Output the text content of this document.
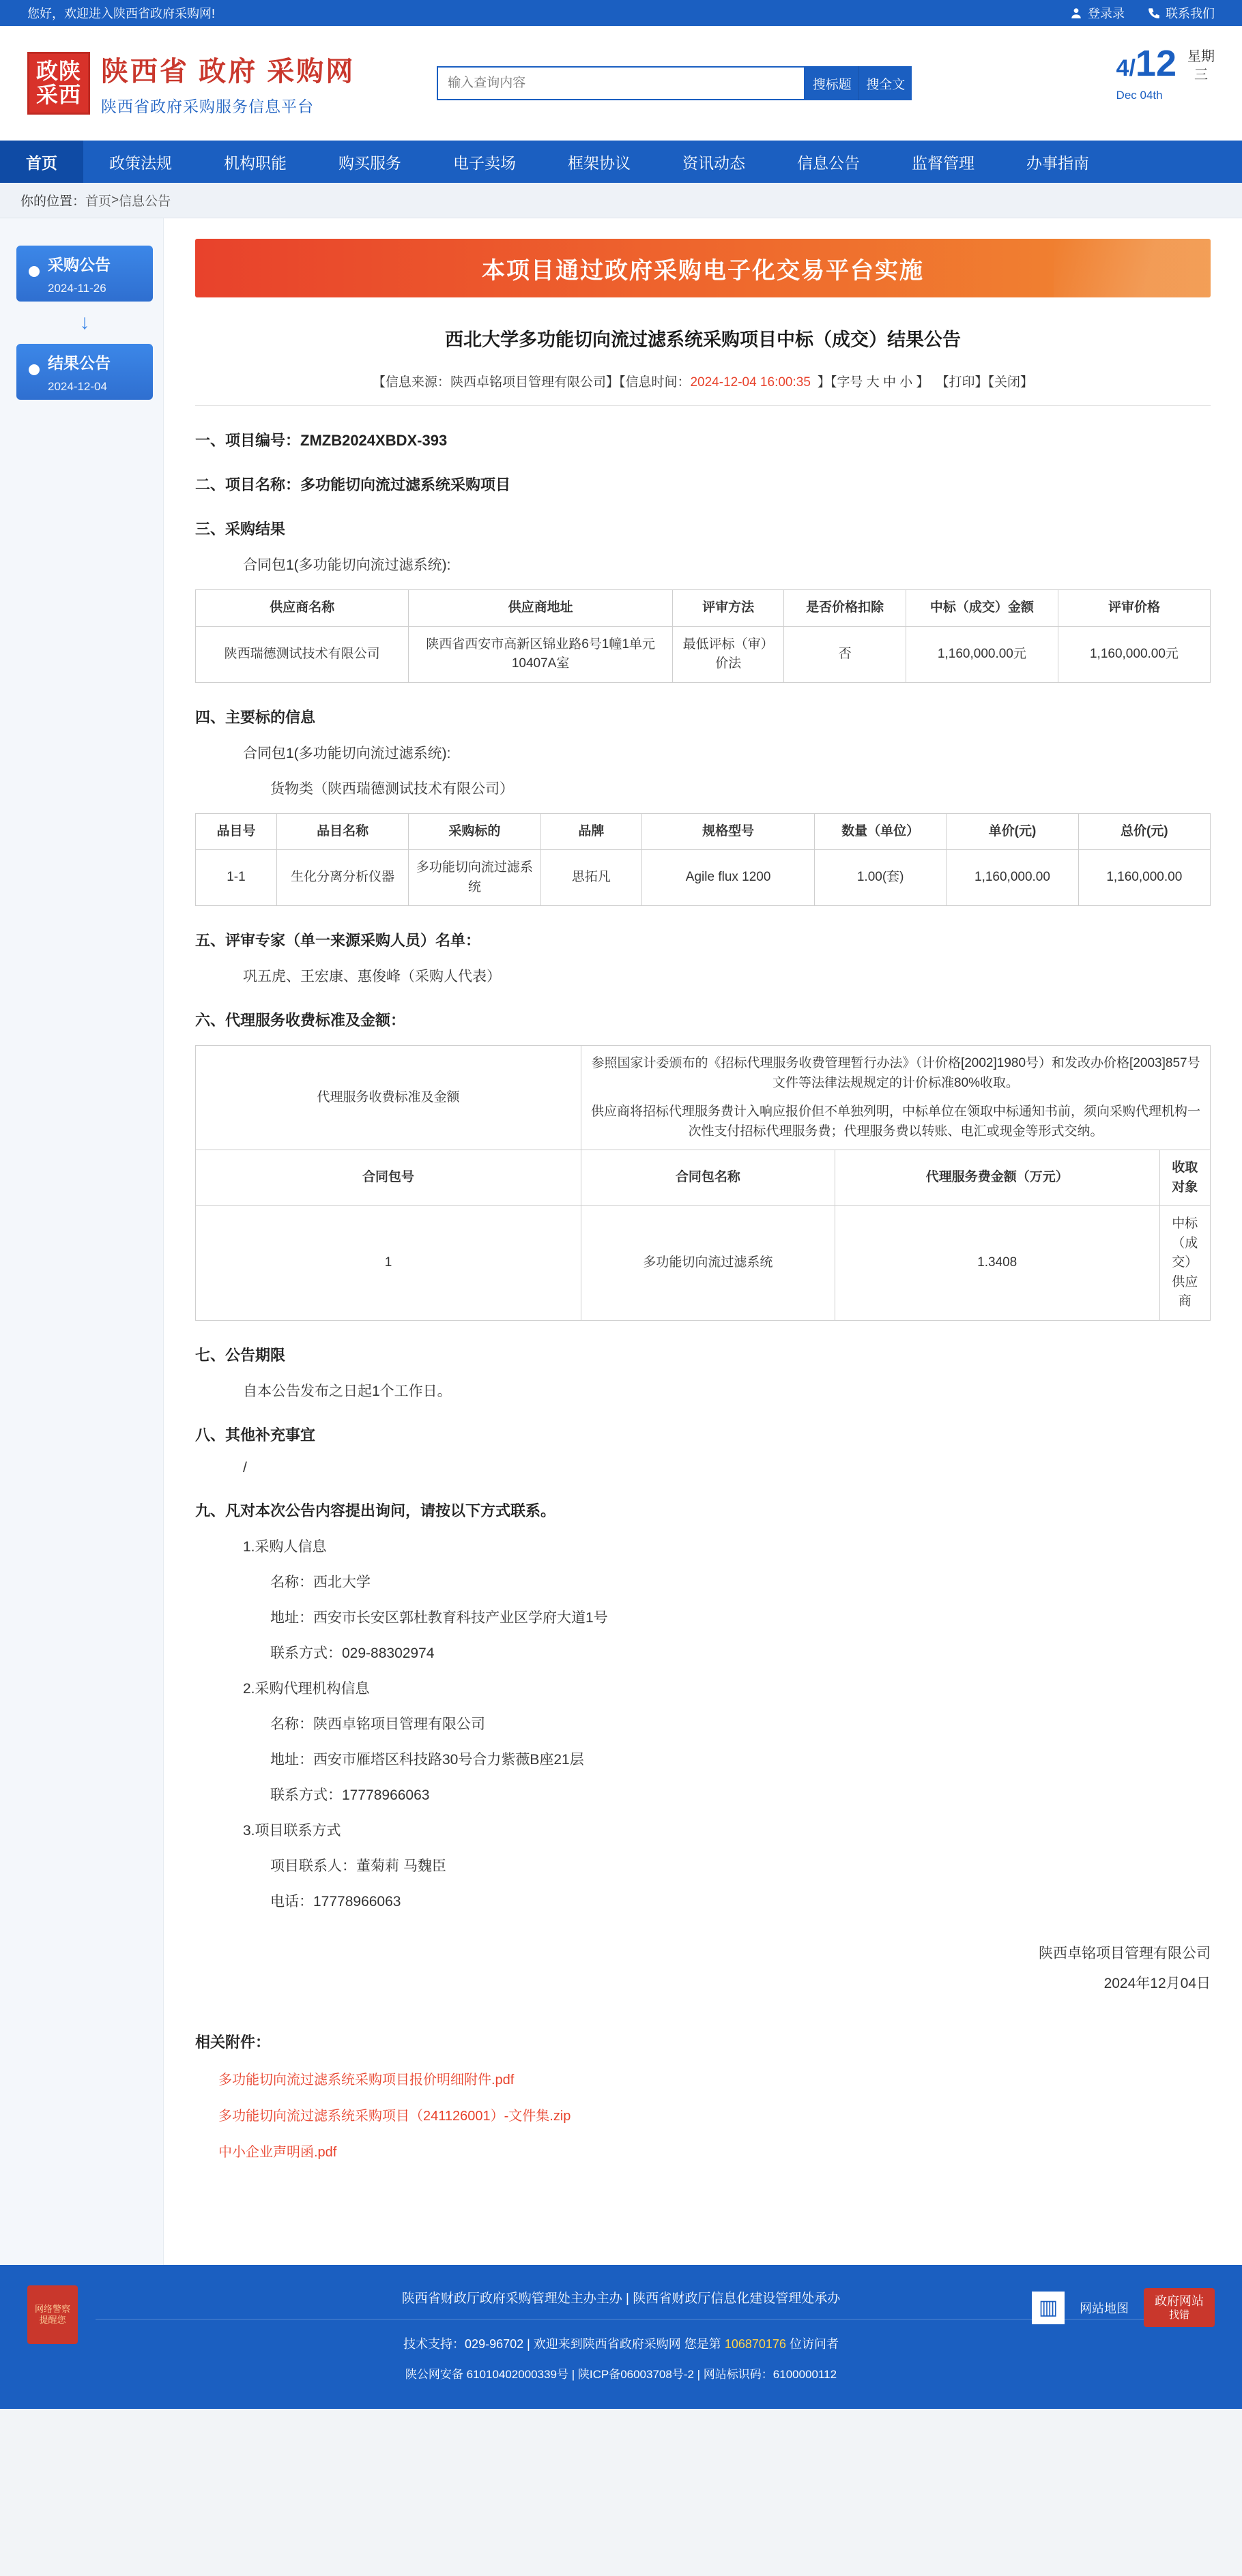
您好，欢迎进入陕西省政府采购网!	登录录	联系我们
政陕
采西
陕西省 政府 采购网
陕西省政府采购服务信息平台
输入查询内容
搜标题	搜全文
4/12
Dec 04th
星期
三
首页	政策法规	机构职能	购买服务	电子卖场	框架协议	资讯动态	信息公告	监督管理	办事指南
你的位置： 首页 > 信息公告
采购公告
2024-11-26
↓
结果公告
2024-12-04
本项目通过政府采购电子化交易平台实施
西北大学多功能切向流过滤系统采购项目中标（成交）结果公告
【信息来源：陕西卓铭项目管理有限公司】【信息时间：2024-12-04 16:00:35 】【字号 大 中 小 】 【打印】【关闭】
一、项目编号：ZMZB2024XBDX-393
二、项目名称：多功能切向流过滤系统采购项目
三、采购结果
合同包1(多功能切向流过滤系统):
供应商名称	供应商地址	评审方法	是否价格扣除	中标（成交）金额	评审价格
陕西瑞德测试技术有限公司	陕西省西安市高新区锦业路6号1幢1单元10407A室	最低评标（审）价法	否	1,160,000.00元	1,160,000.00元
四、主要标的信息
合同包1(多功能切向流过滤系统):
货物类（陕西瑞德测试技术有限公司）
品目号	品目名称	采购标的	品牌	规格型号	数量（单位）	单价(元)	总价(元)
1-1	生化分离分析仪器	多功能切向流过滤系统	思拓凡	Agile flux 1200	1.00(套)	1,160,000.00	1,160,000.00
五、评审专家（单一来源采购人员）名单：
巩五虎、王宏康、惠俊峰（采购人代表）
六、代理服务收费标准及金额：
代理服务收费标准及金额	参照国家计委颁布的《招标代理服务收费管理暂行办法》（计价格[2002]1980号）和发改办价格[2003]857号文件等法律法规规定的计价标准80%收取。
供应商将招标代理服务费计入响应报价但不单独列明，中标单位在领取中标通知书前，须向采购代理机构一次性支付招标代理服务费；代理服务费以转账、电汇或现金等形式交纳。		

合同包号	合同包名称	代理服务费金额（万元）	收取对象
1	多功能切向流过滤系统	1.3408	中标（成交）供应商
七、公告期限
自本公告发布之日起1个工作日。
八、其他补充事宜
/
九、凡对本次公告内容提出询问，请按以下方式联系。
1.采购人信息
名称：西北大学
地址：西安市长安区郭杜教育科技产业区学府大道1号
联系方式：029-88302974
2.采购代理机构信息
名称：陕西卓铭项目管理有限公司
地址：西安市雁塔区科技路30号合力紫薇B座21层
联系方式：17778966063
3.项目联系方式
项目联系人：董菊莉 马魏臣
电话：17778966063
陕西卓铭项目管理有限公司
2024年12月04日
相关附件：
多功能切向流过滤系统采购项目报价明细附件.pdf
多功能切向流过滤系统采购项目（241126001）-文件集.zip
中小企业声明函.pdf
网络警察
提醒您
陕西省财政厅政府采购管理处主办主办 | 陕西省财政厅信息化建设管理处承办
技术支持：029-96702 | 欢迎来到陕西省政府采购网 您是第 106870176 位访问者
陕公网安备 61010402000339号 | 陕ICP备06003708号-2 | 网站标识码：6100000112
▥	网站地图
政府网站
找错
